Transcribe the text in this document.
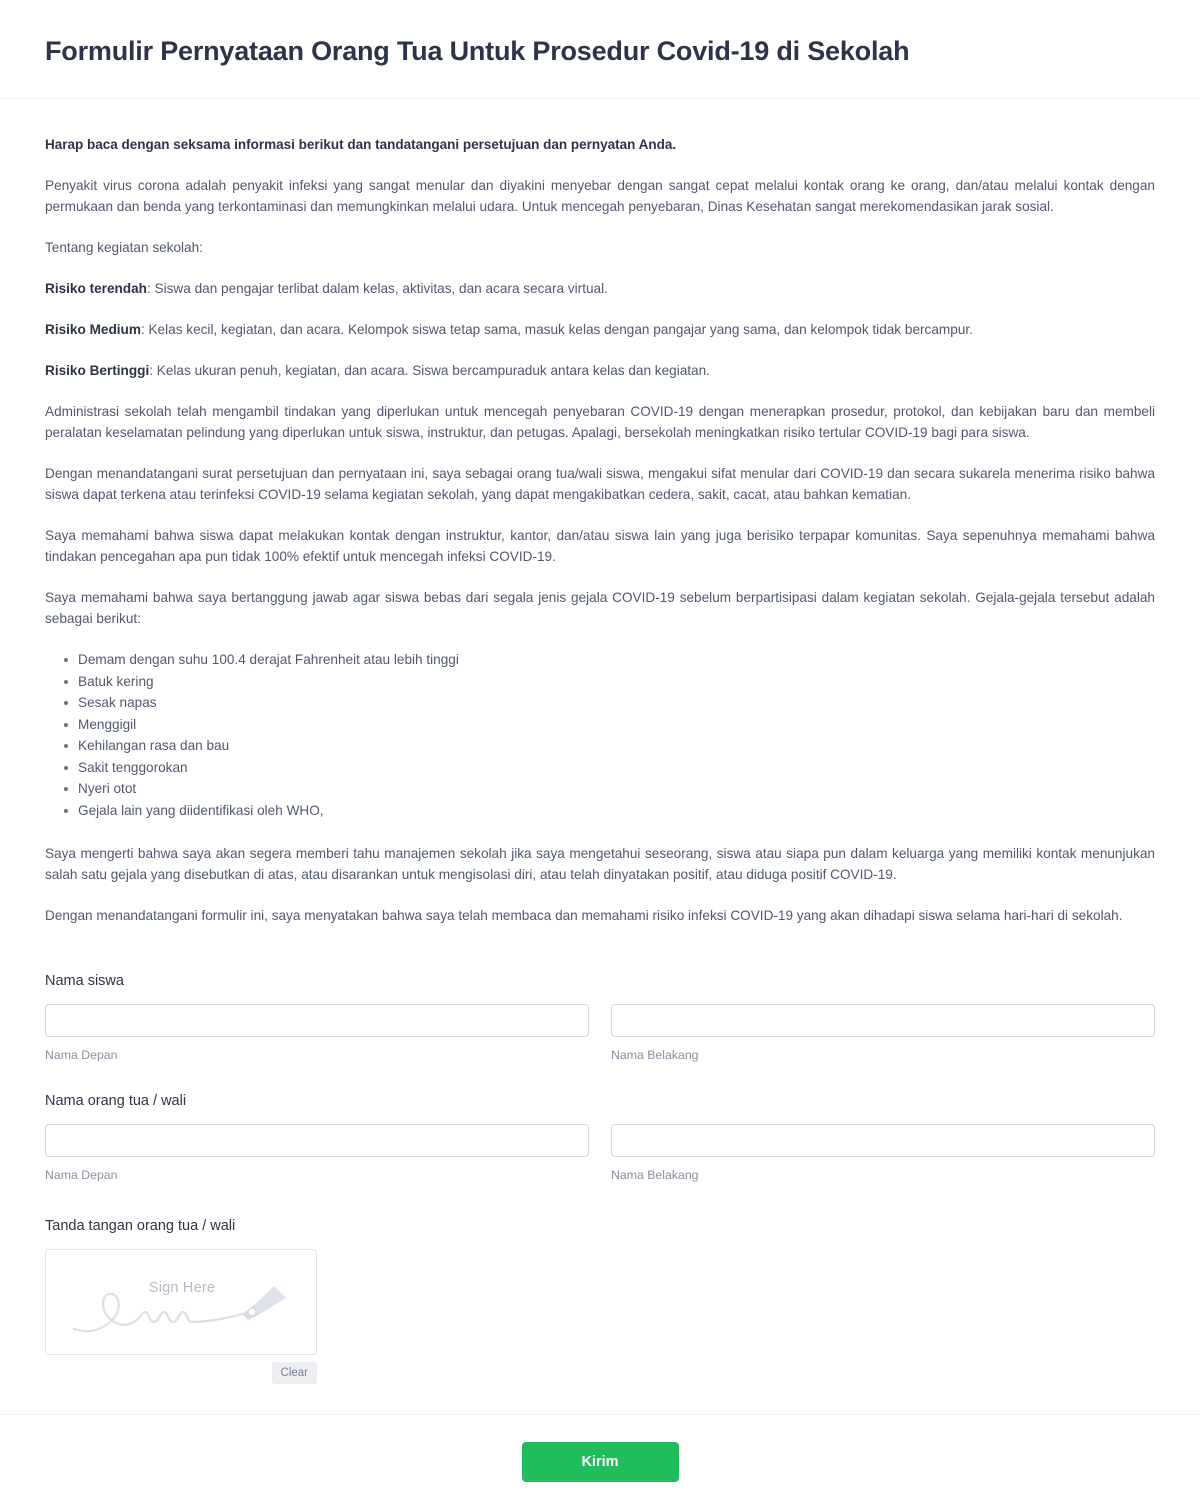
Formulir Pernyataan Orang Tua Untuk Prosedur Covid-19 di Sekolah
Harap baca dengan seksama informasi berikut dan tandatangani persetujuan dan pernyatan Anda.

Penyakit virus corona adalah penyakit infeksi yang sangat menular dan diyakini menyebar dengan sangat cepat melalui kontak orang ke orang, dan/atau melalui kontak dengan permukaan dan benda yang terkontaminasi dan memungkinkan melalui udara. Untuk mencegah penyebaran, Dinas Kesehatan sangat merekomendasikan jarak sosial.

Tentang kegiatan sekolah:

Risiko terendah: Siswa dan pengajar terlibat dalam kelas, aktivitas, dan acara secara virtual.

Risiko Medium: Kelas kecil, kegiatan, dan acara. Kelompok siswa tetap sama, masuk kelas dengan pangajar yang sama, dan kelompok tidak bercampur.

Risiko Bertinggi: Kelas ukuran penuh, kegiatan, dan acara. Siswa bercampuraduk antara kelas dan kegiatan.

Administrasi sekolah telah mengambil tindakan yang diperlukan untuk mencegah penyebaran COVID-19 dengan menerapkan prosedur, protokol, dan kebijakan baru dan membeli peralatan keselamatan pelindung yang diperlukan untuk siswa, instruktur, dan petugas. Apalagi, bersekolah meningkatkan risiko tertular COVID-19 bagi para siswa.

Dengan menandatangani surat persetujuan dan pernyataan ini, saya sebagai orang tua/wali siswa, mengakui sifat menular dari COVID-19 dan secara sukarela menerima risiko bahwa siswa dapat terkena atau terinfeksi COVID-19 selama kegiatan sekolah, yang dapat mengakibatkan cedera, sakit, cacat, atau bahkan kematian.

Saya memahami bahwa siswa dapat melakukan kontak dengan instruktur, kantor, dan/atau siswa lain yang juga berisiko terpapar komunitas. Saya sepenuhnya memahami bahwa tindakan pencegahan apa pun tidak 100% efektif untuk mencegah infeksi COVID-19.

Saya memahami bahwa saya bertanggung jawab agar siswa bebas dari segala jenis gejala COVID-19 sebelum berpartisipasi dalam kegiatan sekolah. Gejala-gejala tersebut adalah sebagai berikut:

Demam dengan suhu 100.4 derajat Fahrenheit atau lebih tinggi
Batuk kering
Sesak napas
Menggigil
Kehilangan rasa dan bau
Sakit tenggorokan
Nyeri otot
Gejala lain yang diidentifikasi oleh WHO,

Saya mengerti bahwa saya akan segera memberi tahu manajemen sekolah jika saya mengetahui seseorang, siswa atau siapa pun dalam keluarga yang memiliki kontak menunjukan salah satu gejala yang disebutkan di atas, atau disarankan untuk mengisolasi diri, atau telah dinyatakan positif, atau diduga positif COVID-19.

Dengan menandatangani formulir ini, saya menyatakan bahwa saya telah membaca dan memahami risiko infeksi COVID-19 yang akan dihadapi siswa selama hari-hari di sekolah.

Nama siswa
Nama Depan	Nama Belakang
Nama orang tua / wali
Nama Depan	Nama Belakang
Tanda tangan orang tua / wali
Sign Here
Clear
Kirim
